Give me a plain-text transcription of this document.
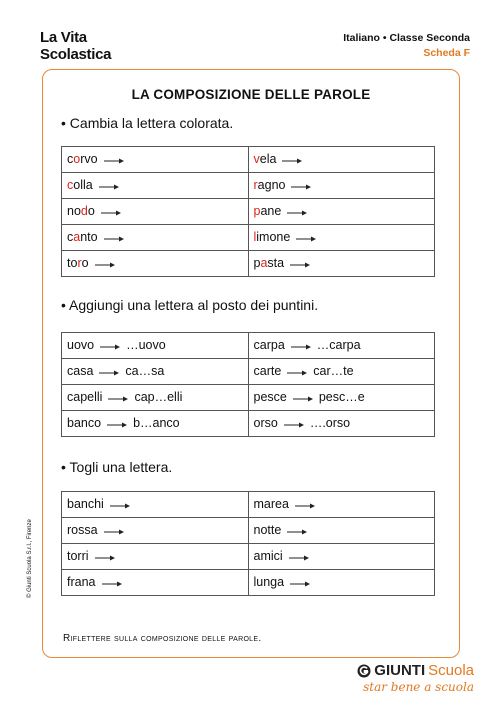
La Vita
Scolastica
Italiano • Classe Seconda
Scheda F
LA COMPOSIZIONE DELLE PAROLE
• Cambia la lettera colorata.
corvo	vela
colla	ragno
nodo	pane
canto	limone
toro	pasta
• Aggiungi una lettera al posto dei puntini.
uovo …uovo	carpa …carpa
casa ca…sa	carte car…te
capelli cap…elli	pesce pesc…e
banco b…anco	orso ….orso
• Togli una lettera.
banchi	marea
rossa	notte
torri	amici
frana	lunga
Riflettere sulla composizione delle parole.
© Giunti Scuola S.r.l., Firenze
GIUNTI Scuola
star bene a scuola
